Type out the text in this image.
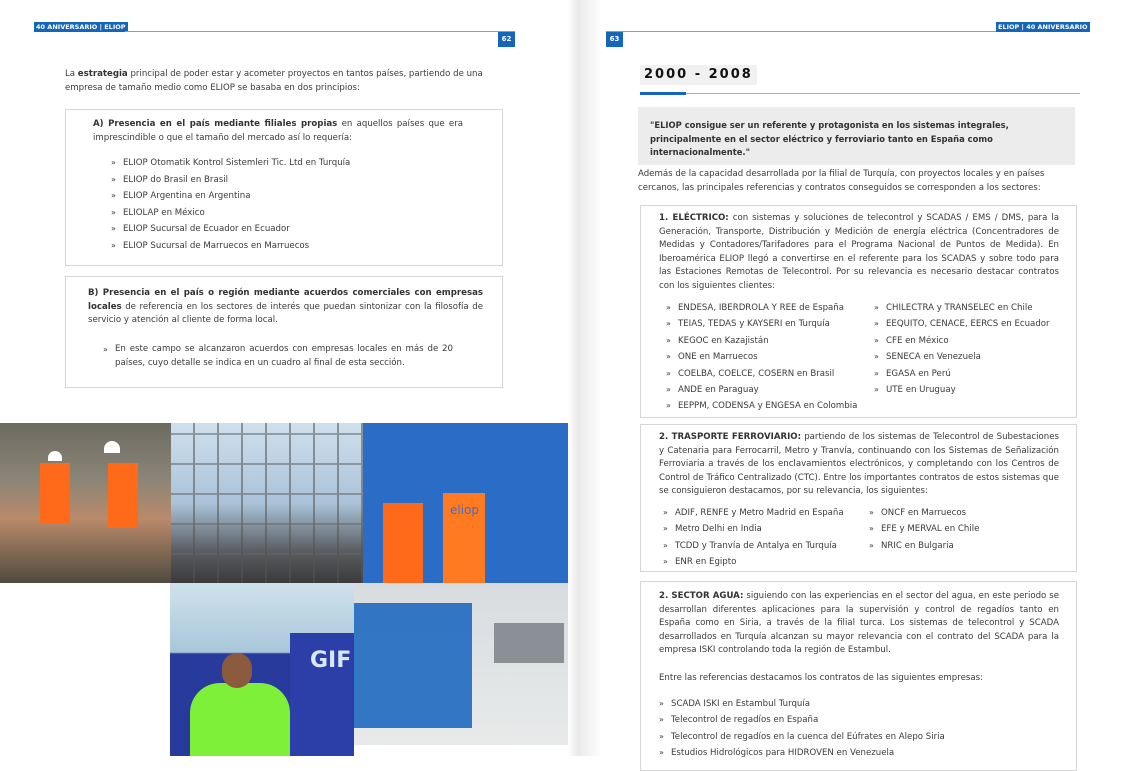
40 ANIVERSARIO | ELIOP
62
La estrategia principal de poder estar y acometer proyectos en tantos países, partiendo de una empresa de tamaño medio como ELIOP se basaba en dos principios:
A) Presencia en el país mediante filiales propias en aquellos países que era imprescindible o que el tamaño del mercado así lo requería:
» ELIOP Otomatik Kontrol Sistemleri Tic. Ltd en Turquía
» ELIOP do Brasil en Brasil
» ELIOP Argentina en Argentina
» ELIOLAP en México
» ELIOP Sucursal de Ecuador en Ecuador
» ELIOP Sucursal de Marruecos en Marruecos
B) Presencia en el país o región mediante acuerdos comerciales con empresas locales de referencia en los sectores de interés que puedan sintonizar con la filosofía de servicio y atención al cliente de forma local.
» En este campo se alcanzaron acuerdos con empresas locales en más de 20 países, cuyo detalle se indica en un cuadro al final de esta sección.
eliop
GIF
ELIOP | 40 ANIVERSARIO
63
2000 - 2008
"ELIOP consigue ser un referente y protagonista en los sistemas integrales, principalmente en el sector eléctrico y ferroviario tanto en España como internacionalmente."
Además de la capacidad desarrollada por la filial de Turquía, con proyectos locales y en países cercanos, las principales referencias y contratos conseguidos se corresponden a los sectores:
1. ELÉCTRICO: con sistemas y soluciones de telecontrol y SCADAS / EMS / DMS, para la Generación, Transporte, Distribución y Medición de energía eléctrica (Concentradores de Medidas y Contadores/Tarifadores para el Programa Nacional de Puntos de Medida). En Iberoamérica ELIOP llegó a convertirse en el referente para los SCADAS y sobre todo para las Estaciones Remotas de Telecontrol. Por su relevancia es necesario destacar contratos con los siguientes clientes:
» ENDESA, IBERDROLA Y REE de España
» TEIAS, TEDAS y KAYSERI en Turquía
» KEGOC en Kazajistán
» ONE en Marruecos
» COELBA, COELCE, COSERN en Brasil
» ANDE en Paraguay
» EEPPM, CODENSA y ENGESA en Colombia
» CHILECTRA y TRANSELEC en Chile
» EEQUITO, CENACE, EERCS en Ecuador
» CFE en México
» SENECA en Venezuela
» EGASA en Perú
» UTE en Uruguay
2. TRASPORTE FERROVIARIO: partiendo de los sistemas de Telecontrol de Subestaciones y Catenaria para Ferrocarril, Metro y Tranvía, continuando con los Sistemas de Señalización Ferroviaria a través de los enclavamientos electrónicos, y completando con los Centros de Control de Tráfico Centralizado (CTC). Entre los importantes contratos de estos sistemas que se consiguieron destacamos, por su relevancia, los siguientes:
» ADIF, RENFE y Metro Madrid en España
» Metro Delhi en India
» TCDD y Tranvía de Antalya en Turquía
» ENR en Egipto
» ONCF en Marruecos
» EFE y MERVAL en Chile
» NRIC en Bulgaria
2. SECTOR AGUA: siguiendo con las experiencias en el sector del agua, en este periodo se desarrollan diferentes aplicaciones para la supervisión y control de regadíos tanto en España como en Siria, a través de la filial turca. Los sistemas de telecontrol y SCADA desarrollados en Turquía alcanzan su mayor relevancia con el contrato del SCADA para la empresa ISKI controlando toda la región de Estambul.
Entre las referencias destacamos los contratos de las siguientes empresas:
» SCADA ISKI en Estambul Turquía
» Telecontrol de regadíos en España
» Telecontrol de regadíos en la cuenca del Eúfrates en Alepo Siria
» Estudios Hidrológicos para HIDROVEN en Venezuela
